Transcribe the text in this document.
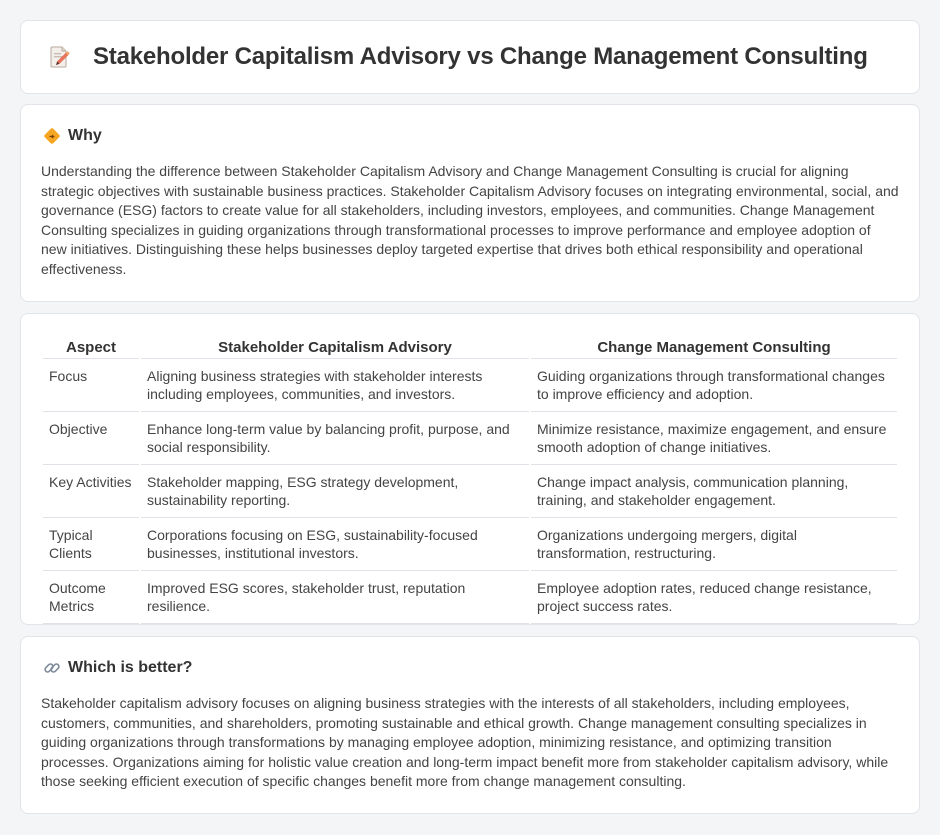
Stakeholder Capitalism Advisory vs Change Management Consulting
Why

Understanding the difference between Stakeholder Capitalism Advisory and Change Management Consulting is crucial for aligning strategic objectives with sustainable business practices. Stakeholder Capitalism Advisory focuses on integrating environmental, social, and governance (ESG) factors to create value for all stakeholders, including investors, employees, and communities. Change Management Consulting specializes in guiding organizations through transformational processes to improve performance and employee adoption of new initiatives. Distinguishing these helps businesses deploy targeted expertise that drives both ethical responsibility and operational effectiveness.

Aspect	Stakeholder Capitalism Advisory	Change Management Consulting
Focus	Aligning business strategies with stakeholder interests including employees, communities, and investors.	Guiding organizations through transformational changes to improve efficiency and adoption.
Objective	Enhance long-term value by balancing profit, purpose, and social responsibility.	Minimize resistance, maximize engagement, and ensure smooth adoption of change initiatives.
Key Activities	Stakeholder mapping, ESG strategy development, sustainability reporting.	Change impact analysis, communication planning, training, and stakeholder engagement.
Typical Clients	Corporations focusing on ESG, sustainability-focused businesses, institutional investors.	Organizations undergoing mergers, digital transformation, restructuring.
Outcome Metrics	Improved ESG scores, stakeholder trust, reputation resilience.	Employee adoption rates, reduced change resistance, project success rates.
Which is better?

Stakeholder capitalism advisory focuses on aligning business strategies with the interests of all stakeholders, including employees, customers, communities, and shareholders, promoting sustainable and ethical growth. Change management consulting specializes in guiding organizations through transformations by managing employee adoption, minimizing resistance, and optimizing transition processes. Organizations aiming for holistic value creation and long-term impact benefit more from stakeholder capitalism advisory, while those seeking efficient execution of specific changes benefit more from change management consulting.
